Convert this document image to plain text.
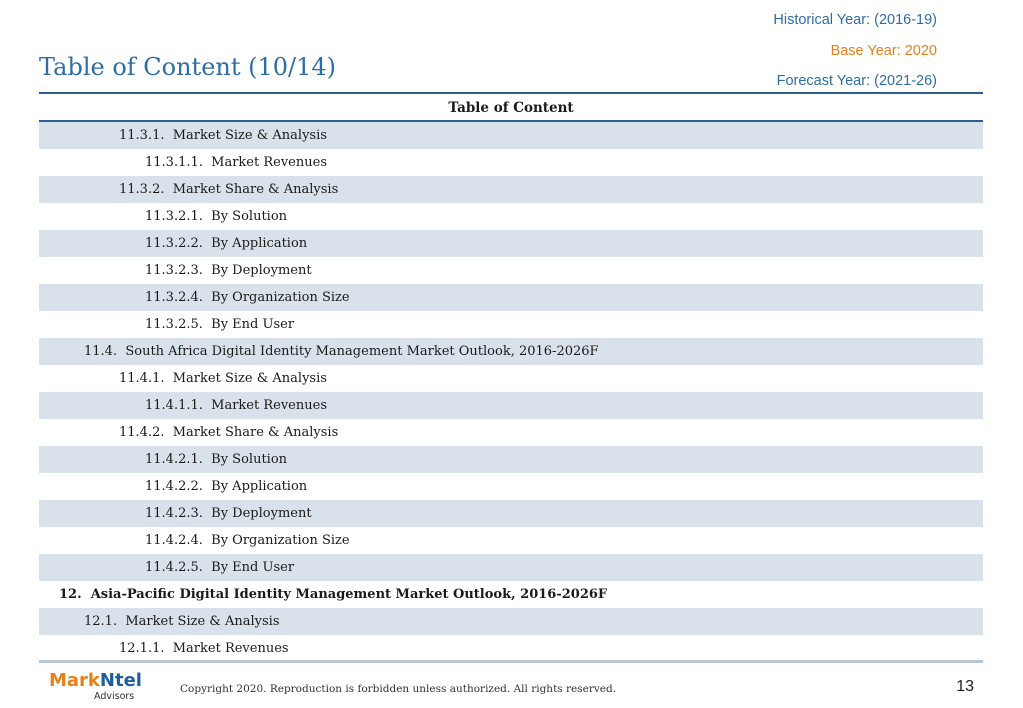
Historical Year: (2016-19)
Base Year: 2020
Forecast Year: (2021-26)
Table of Content (10/14)
Table of Content
11.3.1. Market Size & Analysis
11.3.1.1. Market Revenues
11.3.2. Market Share & Analysis
11.3.2.1. By Solution
11.3.2.2. By Application
11.3.2.3. By Deployment
11.3.2.4. By Organization Size
11.3.2.5. By End User
11.4. South Africa Digital Identity Management Market Outlook, 2016-2026F
11.4.1. Market Size & Analysis
11.4.1.1. Market Revenues
11.4.2. Market Share & Analysis
11.4.2.1. By Solution
11.4.2.2. By Application
11.4.2.3. By Deployment
11.4.2.4. By Organization Size
11.4.2.5. By End User
12. Asia-Pacific Digital Identity Management Market Outlook, 2016-2026F
12.1. Market Size & Analysis
12.1.1. Market Revenues
MarkNtel
Advisors
Copyright 2020. Reproduction is forbidden unless authorized. All rights reserved.	13
